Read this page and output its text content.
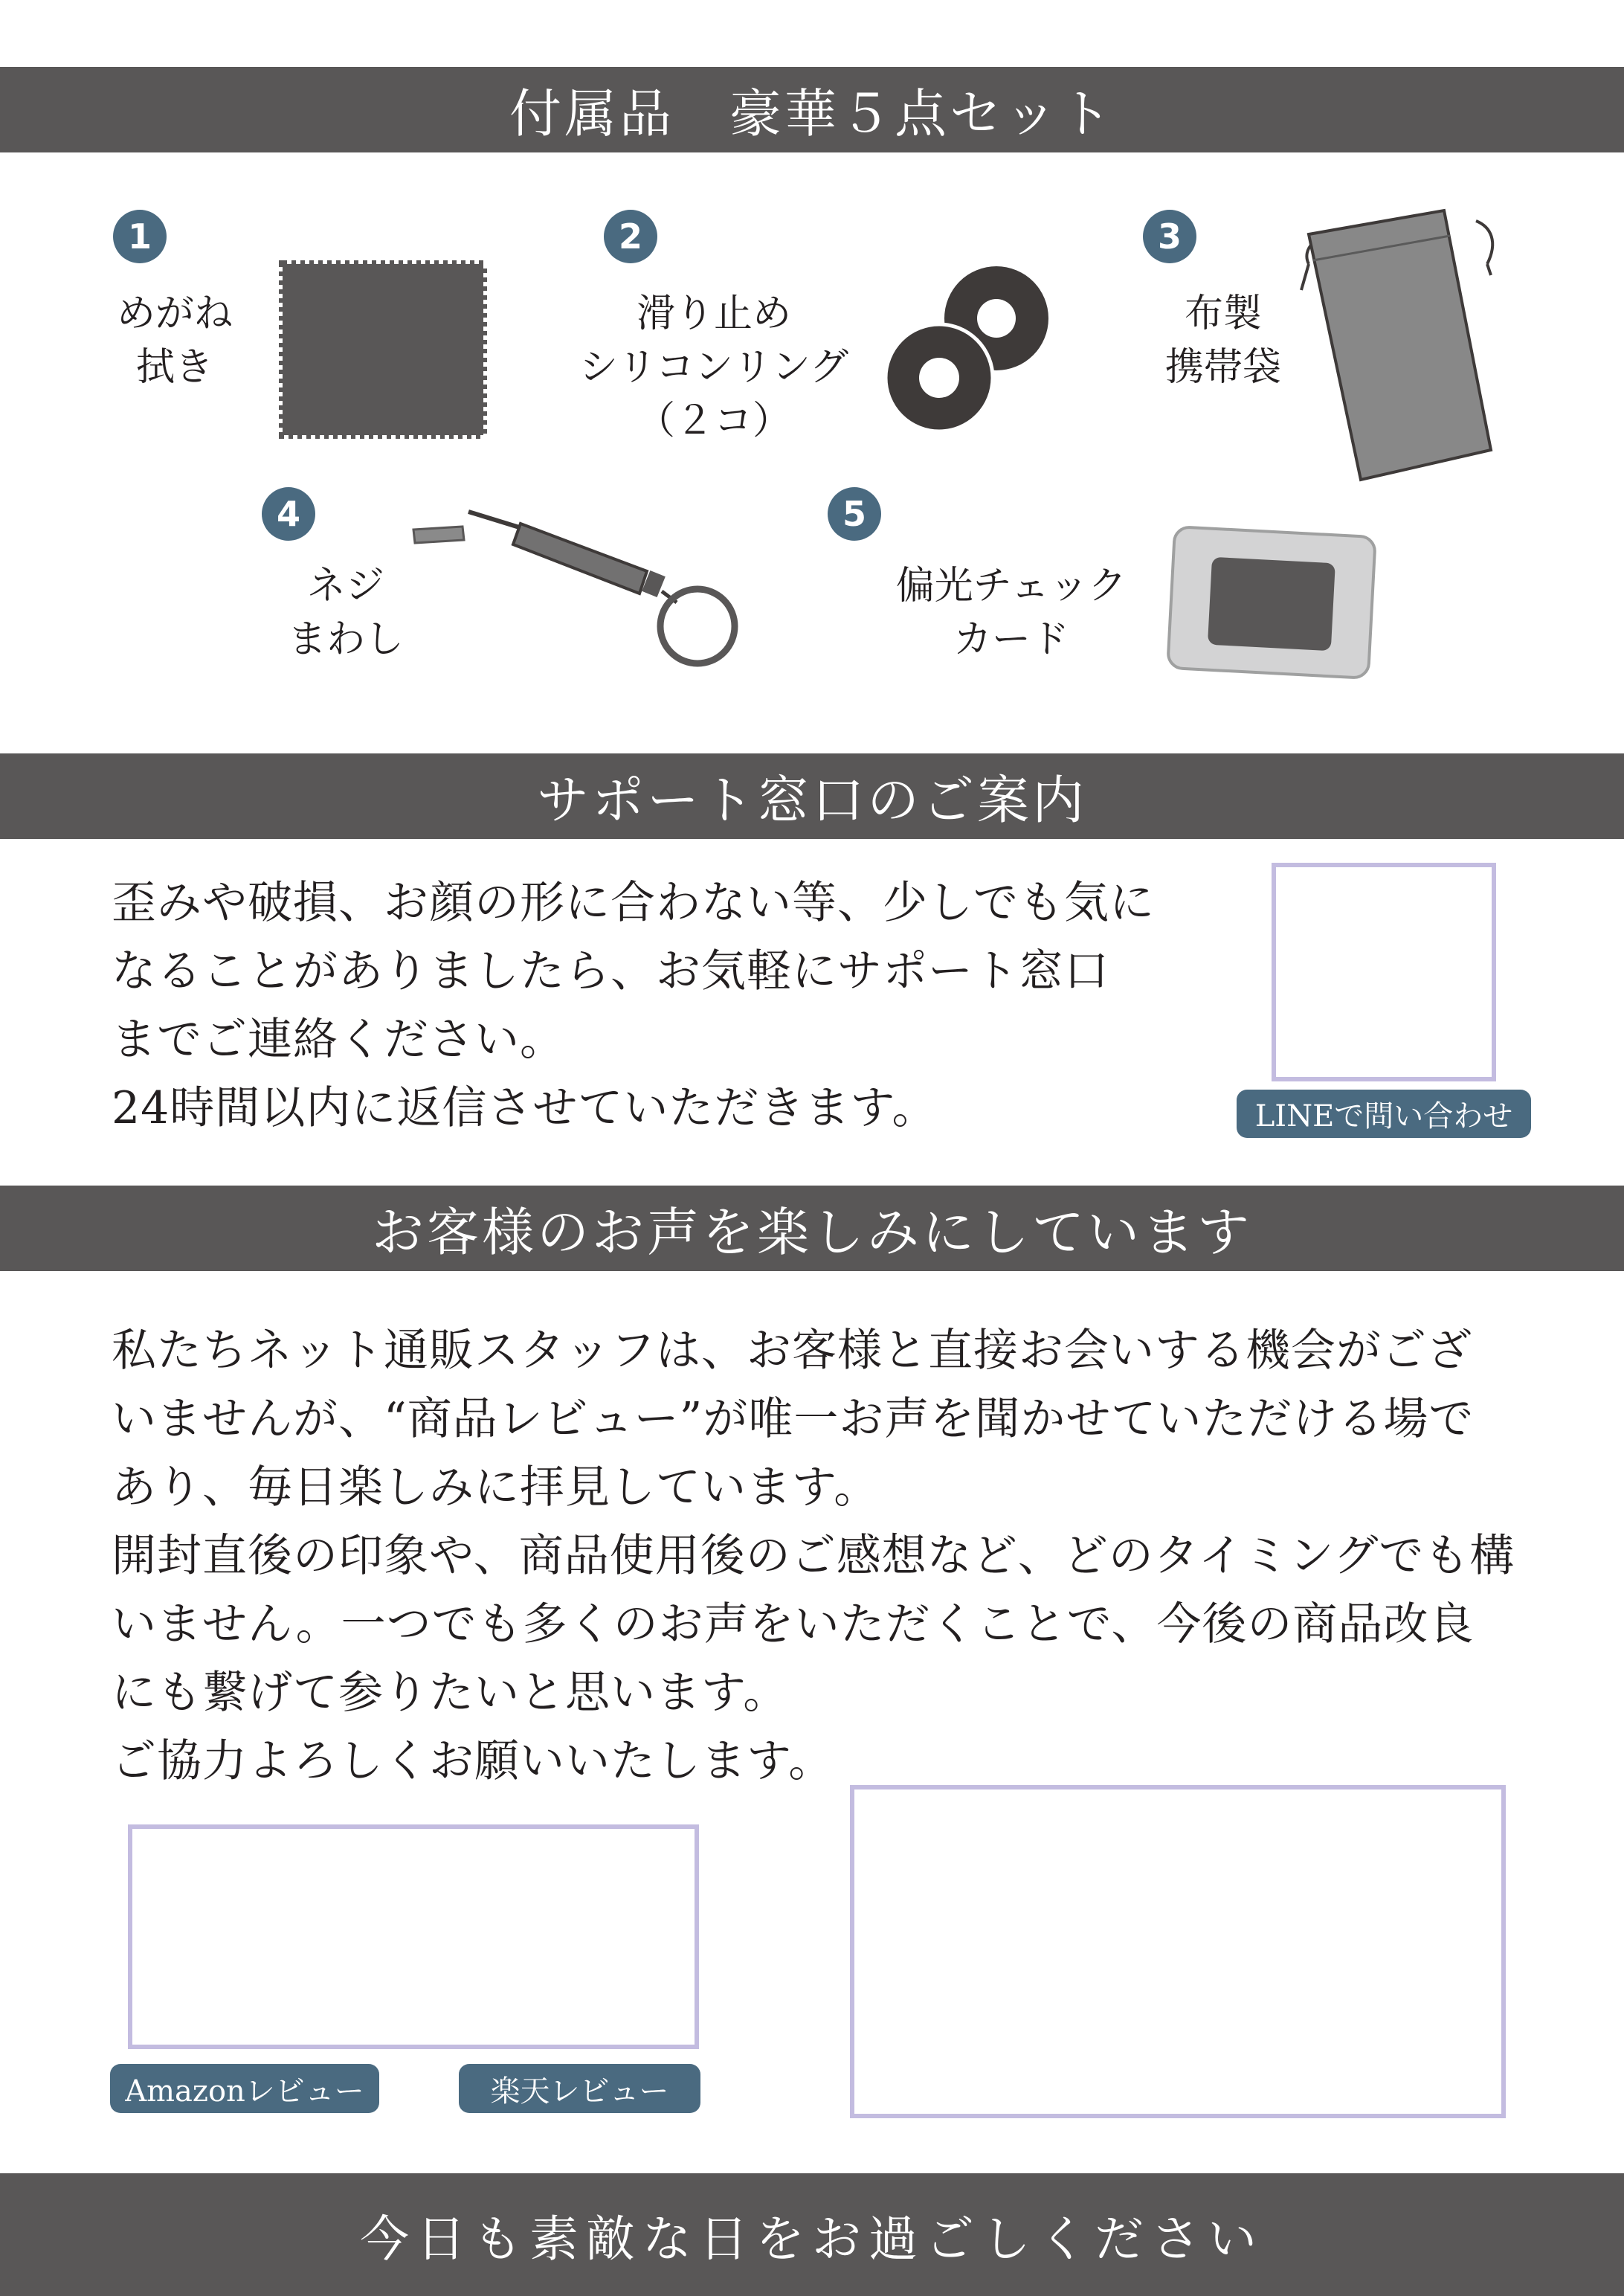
付属品　豪華５点セット
1
めがね
拭き
2
滑り止め
シリコンリング
（２コ）
3
布製
携帯袋
4
ネジ
まわし
5
偏光チェック
カード
サポート窓口のご案内
歪みや破損、お顔の形に合わない等、少しでも気に
なることがありましたら、お気軽にサポート窓口
までご連絡ください。
24時間以内に返信させていただきます。	LINEで問い合わせ
お客様のお声を楽しみにしています
私たちネット通販スタッフは、お客様と直接お会いする機会がござ
いませんが、“商品レビュー”が唯一お声を聞かせていただける場で
あり、毎日楽しみに拝見しています。
開封直後の印象や、商品使用後のご感想など、どのタイミングでも構
いません。一つでも多くのお声をいただくことで、今後の商品改良
にも繋げて参りたいと思います。
ご協力よろしくお願いいたします。
Amazonレビュー	楽天レビュー
今日も素敵な日をお過ごしください
